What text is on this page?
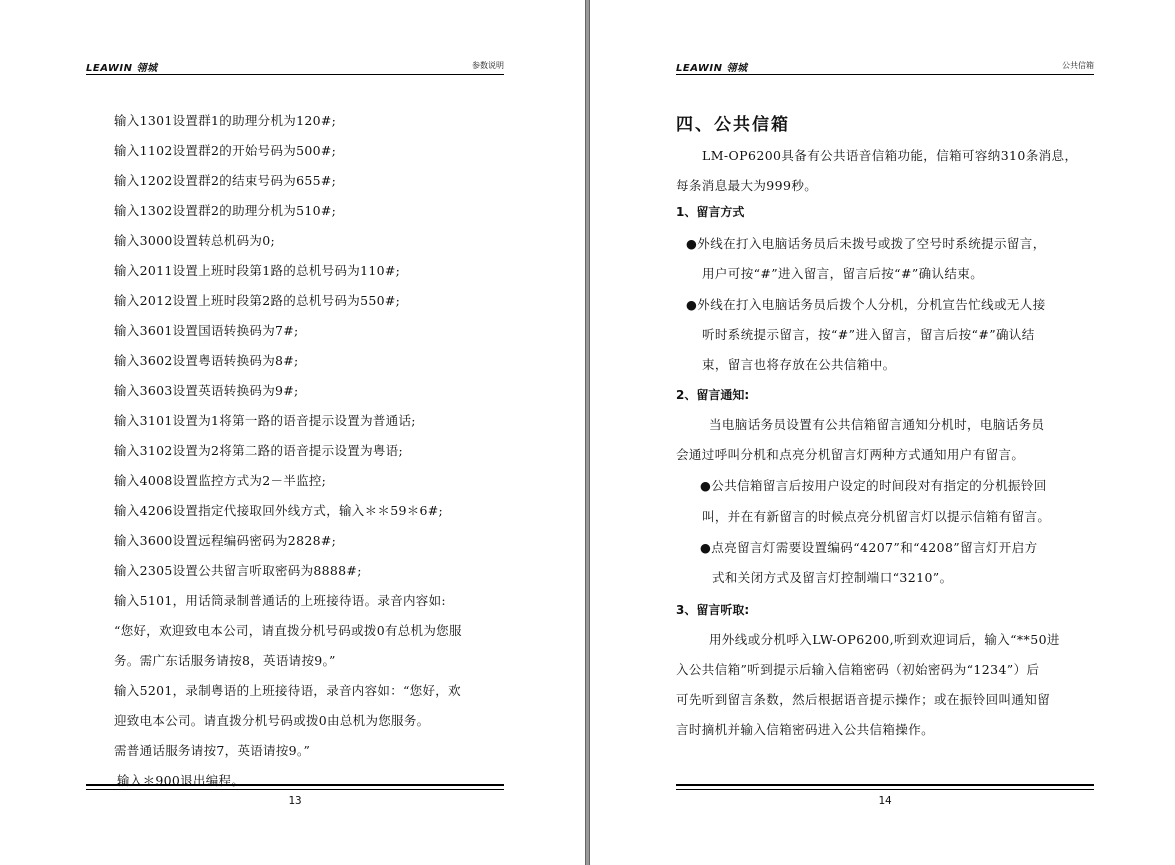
LEAWIN 翎城	参数说明
输入1301设置群1的助理分机为120#;
输入1102设置群2的开始号码为500#;
输入1202设置群2的结束号码为655#;
输入1302设置群2的助理分机为510#;
输入3000设置转总机码为0;
输入2011设置上班时段第1路的总机号码为110#;
输入2012设置上班时段第2路的总机号码为550#;
输入3601设置国语转换码为7#;
输入3602设置粤语转换码为8#;
输入3603设置英语转换码为9#;
输入3101设置为1将第一路的语音提示设置为普通话;
输入3102设置为2将第二路的语音提示设置为粤语;
输入4008设置监控方式为2－半监控;
输入4206设置指定代接取回外线方式，输入＊＊59＊6#;
输入3600设置远程编码密码为2828#;
输入2305设置公共留言听取密码为8888#;
输入5101，用话筒录制普通话的上班接待语。录音内容如:
“您好，欢迎致电本公司，请直拨分机号码或拨0有总机为您服
务。需广东话服务请按8，英语请按9。”
输入5201，录制粤语的上班接待语，录音内容如：“您好，欢
迎致电本公司。请直拨分机号码或拨0由总机为您服务。
需普通话服务请按7，英语请按9。”
输入＊900退出编程。
13
LEAWIN 翎城	公共信箱
四、公共信箱
LM-OP6200具备有公共语音信箱功能，信箱可容纳310条消息，
每条消息最大为999秒。
1、留言方式
●外线在打入电脑话务员后未拨号或拨了空号时系统提示留言，
用户可按“#”进入留言，留言后按“#”确认结束。
●外线在打入电脑话务员后拨个人分机，分机宣告忙线或无人接
听时系统提示留言，按“#”进入留言，留言后按“#”确认结
束，留言也将存放在公共信箱中。
2、留言通知:
当电脑话务员设置有公共信箱留言通知分机时，电脑话务员
会通过呼叫分机和点亮分机留言灯两种方式通知用户有留言。
●公共信箱留言后按用户设定的时间段对有指定的分机振铃回
叫，并在有新留言的时候点亮分机留言灯以提示信箱有留言。
●点亮留言灯需要设置编码“4207”和“4208”留言灯开启方
式和关闭方式及留言灯控制端口“3210”。
3、留言听取:
用外线或分机呼入LW-OP6200,听到欢迎词后，输入“**50进
入公共信箱”听到提示后输入信箱密码（初始密码为“1234”）后
可先听到留言条数，然后根据语音提示操作；或在振铃回叫通知留
言时摘机并输入信箱密码进入公共信箱操作。
14
